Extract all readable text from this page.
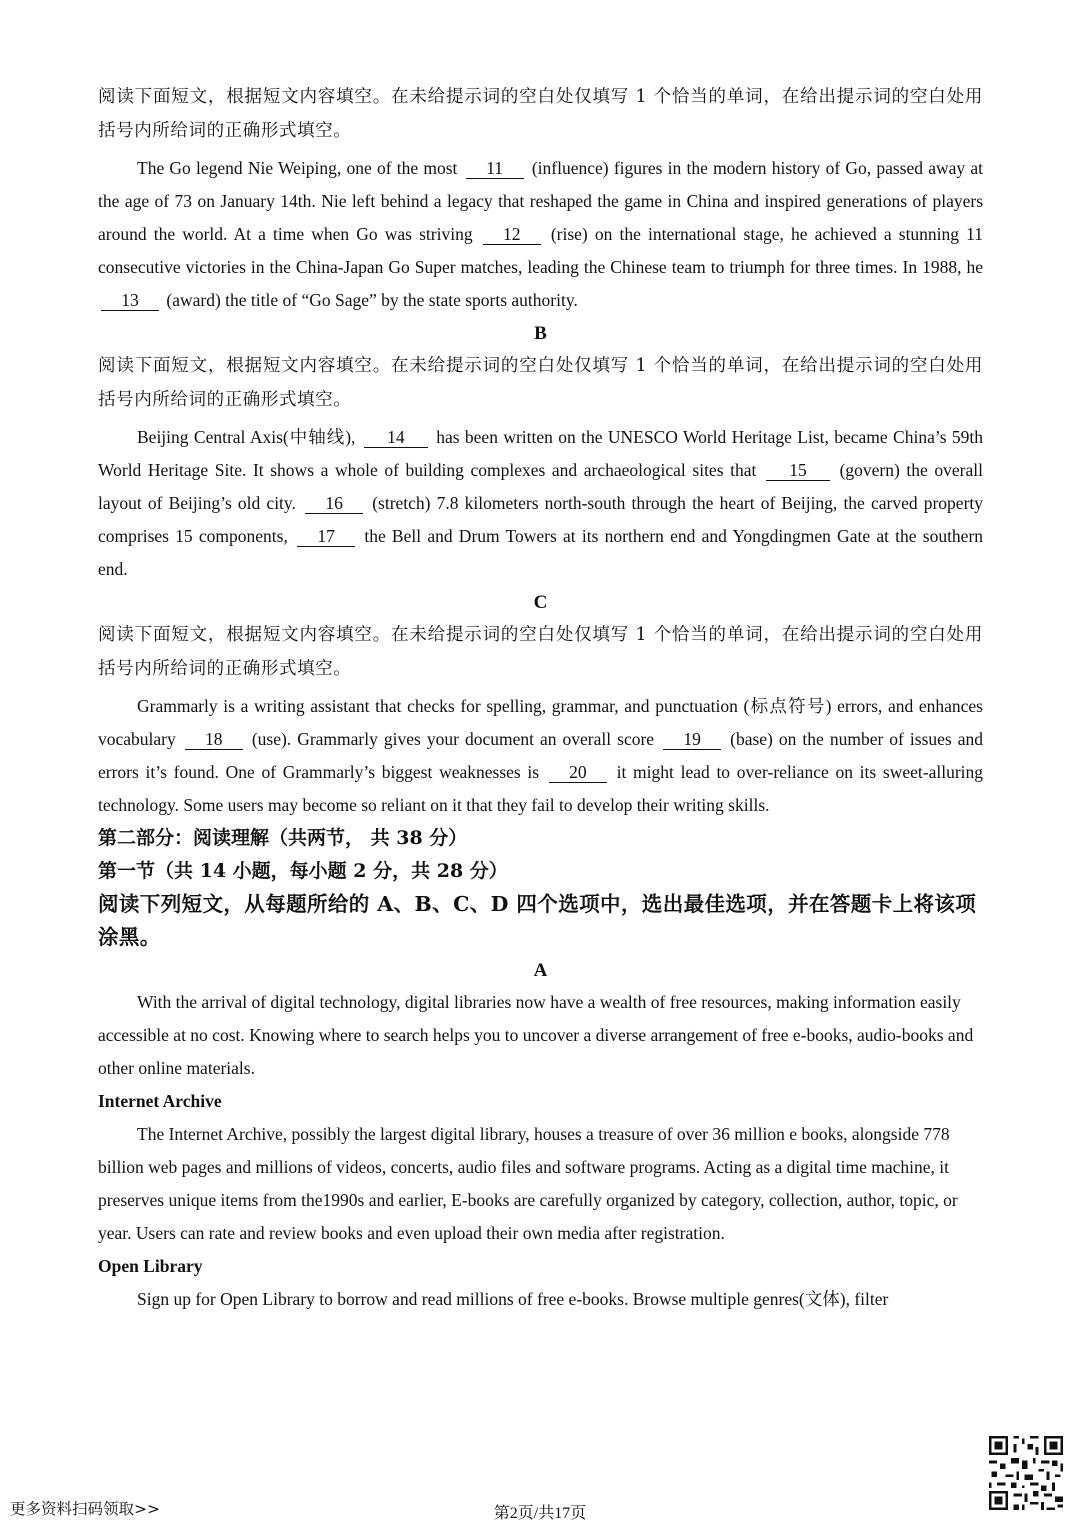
阅读下面短文，根据短文内容填空。在未给提示词的空白处仅填写 1 个恰当的单词，在给出提示词的空白处用括号内所给词的正确形式填空。

The Go legend Nie Weiping, one of the most 11 (influence) figures in the modern history of Go, passed away at the age of 73 on January 14th. Nie left behind a legacy that reshaped the game in China and inspired generations of players around the world. At a time when Go was striving 12 (rise) on the international stage, he achieved a stunning 11 consecutive victories in the China-Japan Go Super matches, leading the Chinese team to triumph for three times. In 1988, he 13 (award) the title of “Go Sage” by the state sports authority.

B

阅读下面短文，根据短文内容填空。在未给提示词的空白处仅填写 1 个恰当的单词，在给出提示词的空白处用括号内所给词的正确形式填空。

Beijing Central Axis(中轴线), 14 has been written on the UNESCO World Heritage List, became China’s 59th World Heritage Site. It shows a whole of building complexes and archaeological sites that 15 (govern) the overall layout of Beijing’s old city. 16 (stretch) 7.8 kilometers north-south through the heart of Beijing, the carved property comprises 15 components, 17 the Bell and Drum Towers at its northern end and Yongdingmen Gate at the southern end.

C

阅读下面短文，根据短文内容填空。在未给提示词的空白处仅填写 1 个恰当的单词，在给出提示词的空白处用括号内所给词的正确形式填空。

Grammarly is a writing assistant that checks for spelling, grammar, and punctuation (标点符号) errors, and enhances vocabulary 18 (use). Grammarly gives your document an overall score 19 (base) on the number of issues and errors it’s found. One of Grammarly’s biggest weaknesses is 20 it might lead to over-reliance on its sweet-alluring technology. Some users may become so reliant on it that they fail to develop their writing skills.

第二部分：阅读理解（共两节， 共 38 分）

第一节（共 14 小题，每小题 2 分，共 28 分）

阅读下列短文，从每题所给的 A、B、C、D 四个选项中，选出最佳选项，并在答题卡上将该项涂黑。

A

With the arrival of digital technology, digital libraries now have a wealth of free resources, making information easily accessible at no cost. Knowing where to search helps you to uncover a diverse arrangement of free e-books, audio-books and other online materials.

Internet Archive

The Internet Archive, possibly the largest digital library, houses a treasure of over 36 million e books, alongside 778 billion web pages and millions of videos, concerts, audio files and software programs. Acting as a digital time machine, it preserves unique items from the1990s and earlier, E-books are carefully organized by category, collection, author, topic, or year. Users can rate and review books and even upload their own media after registration.

Open Library

Sign up for Open Library to borrow and read millions of free e-books. Browse multiple genres(文体), filter

更多资料扫码领取>>	第2页/共17页
